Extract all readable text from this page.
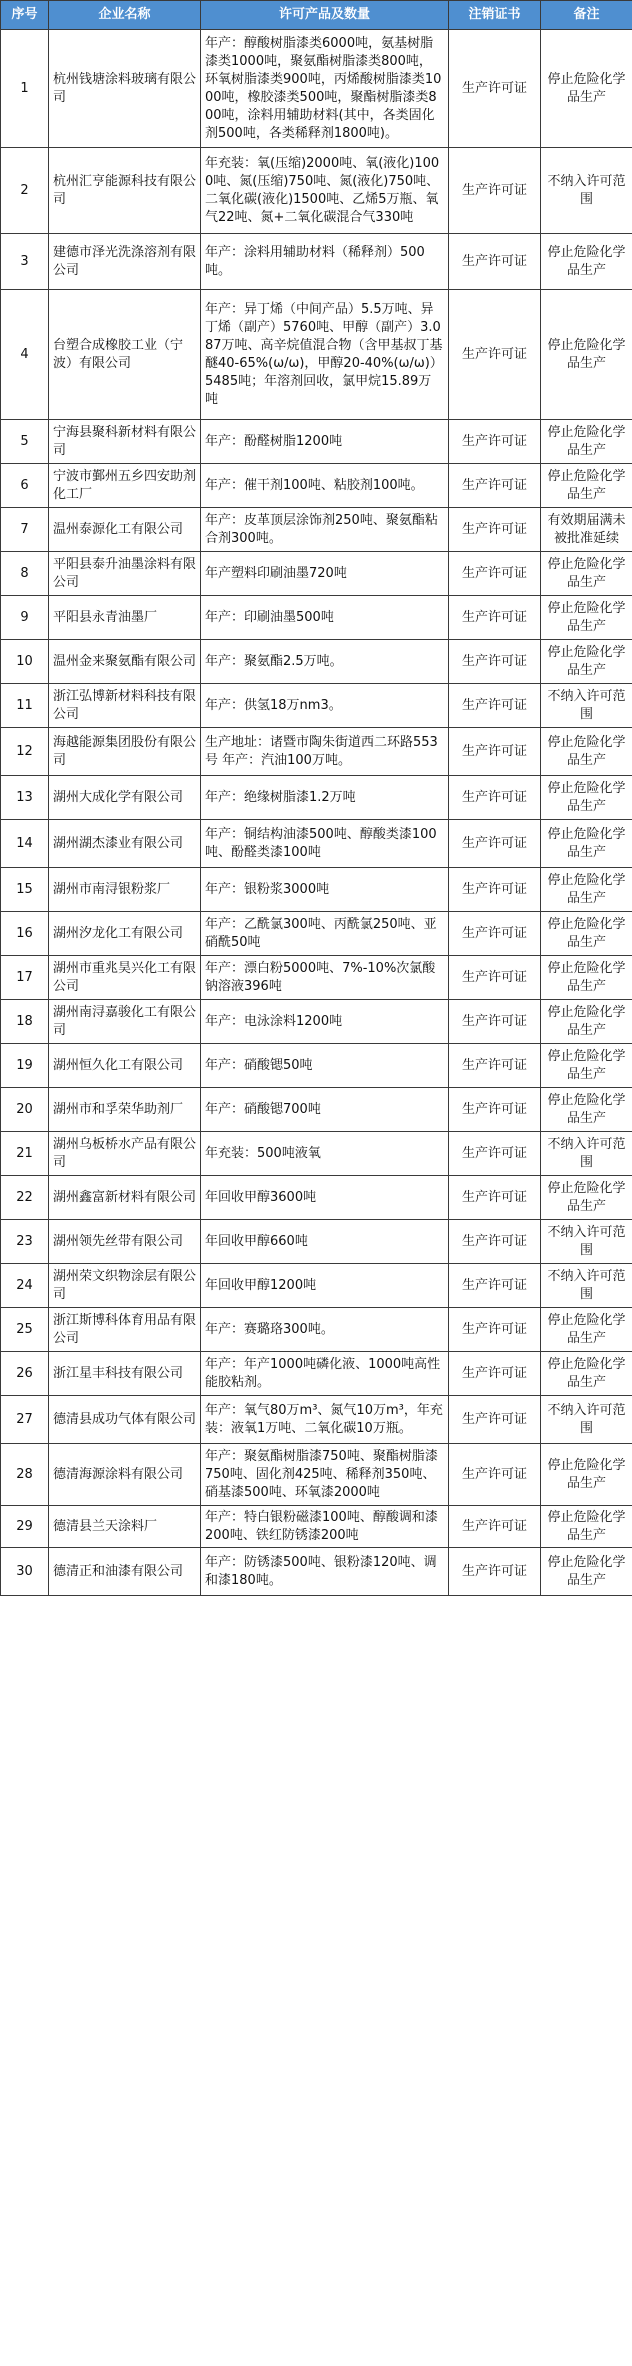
序号	企业名称	许可产品及数量	注销证书	备注
1	杭州钱塘涂料玻璃有限公司	年产：醇酸树脂漆类6000吨，氨基树脂漆类1000吨，聚氨酯树脂漆类800吨，环氧树脂漆类900吨，丙烯酸树脂漆类1000吨，橡胶漆类500吨，聚酯树脂漆类800吨，涂料用辅助材料(其中，各类固化剂500吨，各类稀释剂1800吨)。	生产许可证	停止危险化学品生产
2	杭州汇亨能源科技有限公司	年充装：氧(压缩)2000吨、氧(液化)1000吨、氮(压缩)750吨、氮(液化)750吨、二氧化碳(液化)1500吨、乙烯5万瓶、氧气22吨、氮+二氧化碳混合气330吨	生产许可证	不纳入许可范围
3	建德市泽光洗涤溶剂有限公司	年产：涂料用辅助材料（稀释剂）500吨。	生产许可证	停止危险化学品生产
4	台塑合成橡胶工业（宁波）有限公司	年产：异丁烯（中间产品）5.5万吨、异丁烯（副产）5760吨、甲醇（副产）3.087万吨、高辛烷值混合物（含甲基叔丁基醚40-65%(ω/ω)，甲醇20-40%(ω/ω)）5485吨；年溶剂回收，氯甲烷15.89万吨	生产许可证	停止危险化学品生产
5	宁海县聚科新材料有限公司	年产：酚醛树脂1200吨	生产许可证	停止危险化学品生产
6	宁波市鄞州五乡四安助剂化工厂	年产：催干剂100吨、粘胶剂100吨。	生产许可证	停止危险化学品生产
7	温州泰源化工有限公司	年产：皮革顶层涂饰剂250吨、聚氨酯粘合剂300吨。	生产许可证	有效期届满未被批准延续
8	平阳县泰升油墨涂料有限公司	年产塑料印刷油墨720吨	生产许可证	停止危险化学品生产
9	平阳县永青油墨厂	年产：印刷油墨500吨	生产许可证	停止危险化学品生产
10	温州金来聚氨酯有限公司	年产：聚氨酯2.5万吨。	生产许可证	停止危险化学品生产
11	浙江弘博新材料科技有限公司	年产：供氢18万nm3。	生产许可证	不纳入许可范围
12	海越能源集团股份有限公司	生产地址：诸暨市陶朱街道西二环路553号 年产：汽油100万吨。	生产许可证	停止危险化学品生产
13	湖州大成化学有限公司	年产：绝缘树脂漆1.2万吨	生产许可证	停止危险化学品生产
14	湖州湖杰漆业有限公司	年产：铜结构油漆500吨、醇酸类漆100吨、酚醛类漆100吨	生产许可证	停止危险化学品生产
15	湖州市南浔银粉浆厂	年产：银粉浆3000吨	生产许可证	停止危险化学品生产
16	湖州汐龙化工有限公司	年产：乙酰氯300吨、丙酰氯250吨、亚硝酰50吨	生产许可证	停止危险化学品生产
17	湖州市重兆昊兴化工有限公司	年产：漂白粉5000吨、7%-10%次氯酸钠溶液396吨	生产许可证	停止危险化学品生产
18	湖州南浔嘉骏化工有限公司	年产：电泳涂料1200吨	生产许可证	停止危险化学品生产
19	湖州恒久化工有限公司	年产：硝酸锶50吨	生产许可证	停止危险化学品生产
20	湖州市和孚荣华助剂厂	年产：硝酸锶700吨	生产许可证	停止危险化学品生产
21	湖州乌板桥水产品有限公司	年充装：500吨液氧	生产许可证	不纳入许可范围
22	湖州鑫富新材料有限公司	年回收甲醇3600吨	生产许可证	停止危险化学品生产
23	湖州领先丝带有限公司	年回收甲醇660吨	生产许可证	不纳入许可范围
24	湖州荣文织物涂层有限公司	年回收甲醇1200吨	生产许可证	不纳入许可范围
25	浙江斯博科体育用品有限公司	年产：赛璐珞300吨。	生产许可证	停止危险化学品生产
26	浙江星丰科技有限公司	年产：年产1000吨磷化液、1000吨高性能胶粘剂。	生产许可证	停止危险化学品生产
27	德清县成功气体有限公司	年产：氧气80万m³、氮气10万m³，年充装：液氧1万吨、二氧化碳10万瓶。	生产许可证	不纳入许可范围
28	德清海源涂料有限公司	年产：聚氨酯树脂漆750吨、聚酯树脂漆750吨、固化剂425吨、稀释剂350吨、硝基漆500吨、环氧漆2000吨	生产许可证	停止危险化学品生产
29	德清县兰天涂料厂	年产：特白银粉磁漆100吨、醇酸调和漆200吨、铁红防锈漆200吨	生产许可证	停止危险化学品生产
30	德清正和油漆有限公司	年产：防锈漆500吨、银粉漆120吨、调和漆180吨。	生产许可证	停止危险化学品生产
